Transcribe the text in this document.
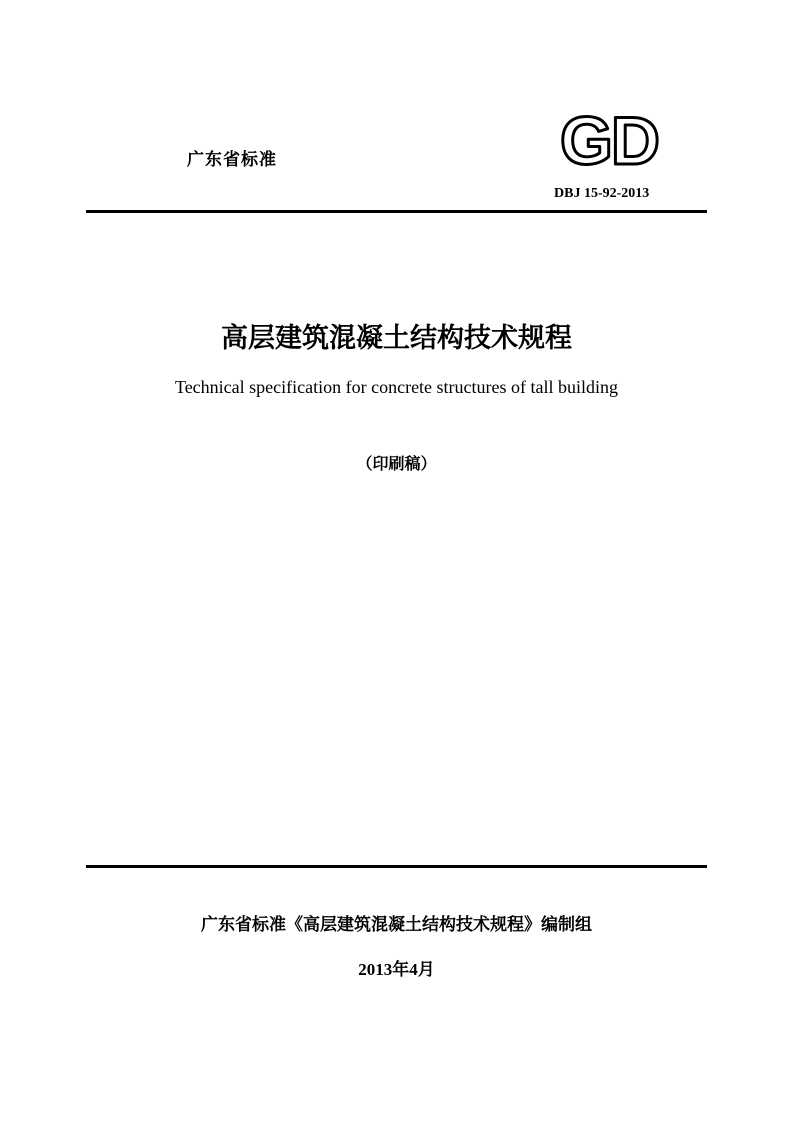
广东省标准	GD
DBJ 15-92-2013
高层建筑混凝土结构技术规程
Technical specification for concrete structures of tall building
（印刷稿）
广东省标准《高层建筑混凝土结构技术规程》编制组
2013年4月
